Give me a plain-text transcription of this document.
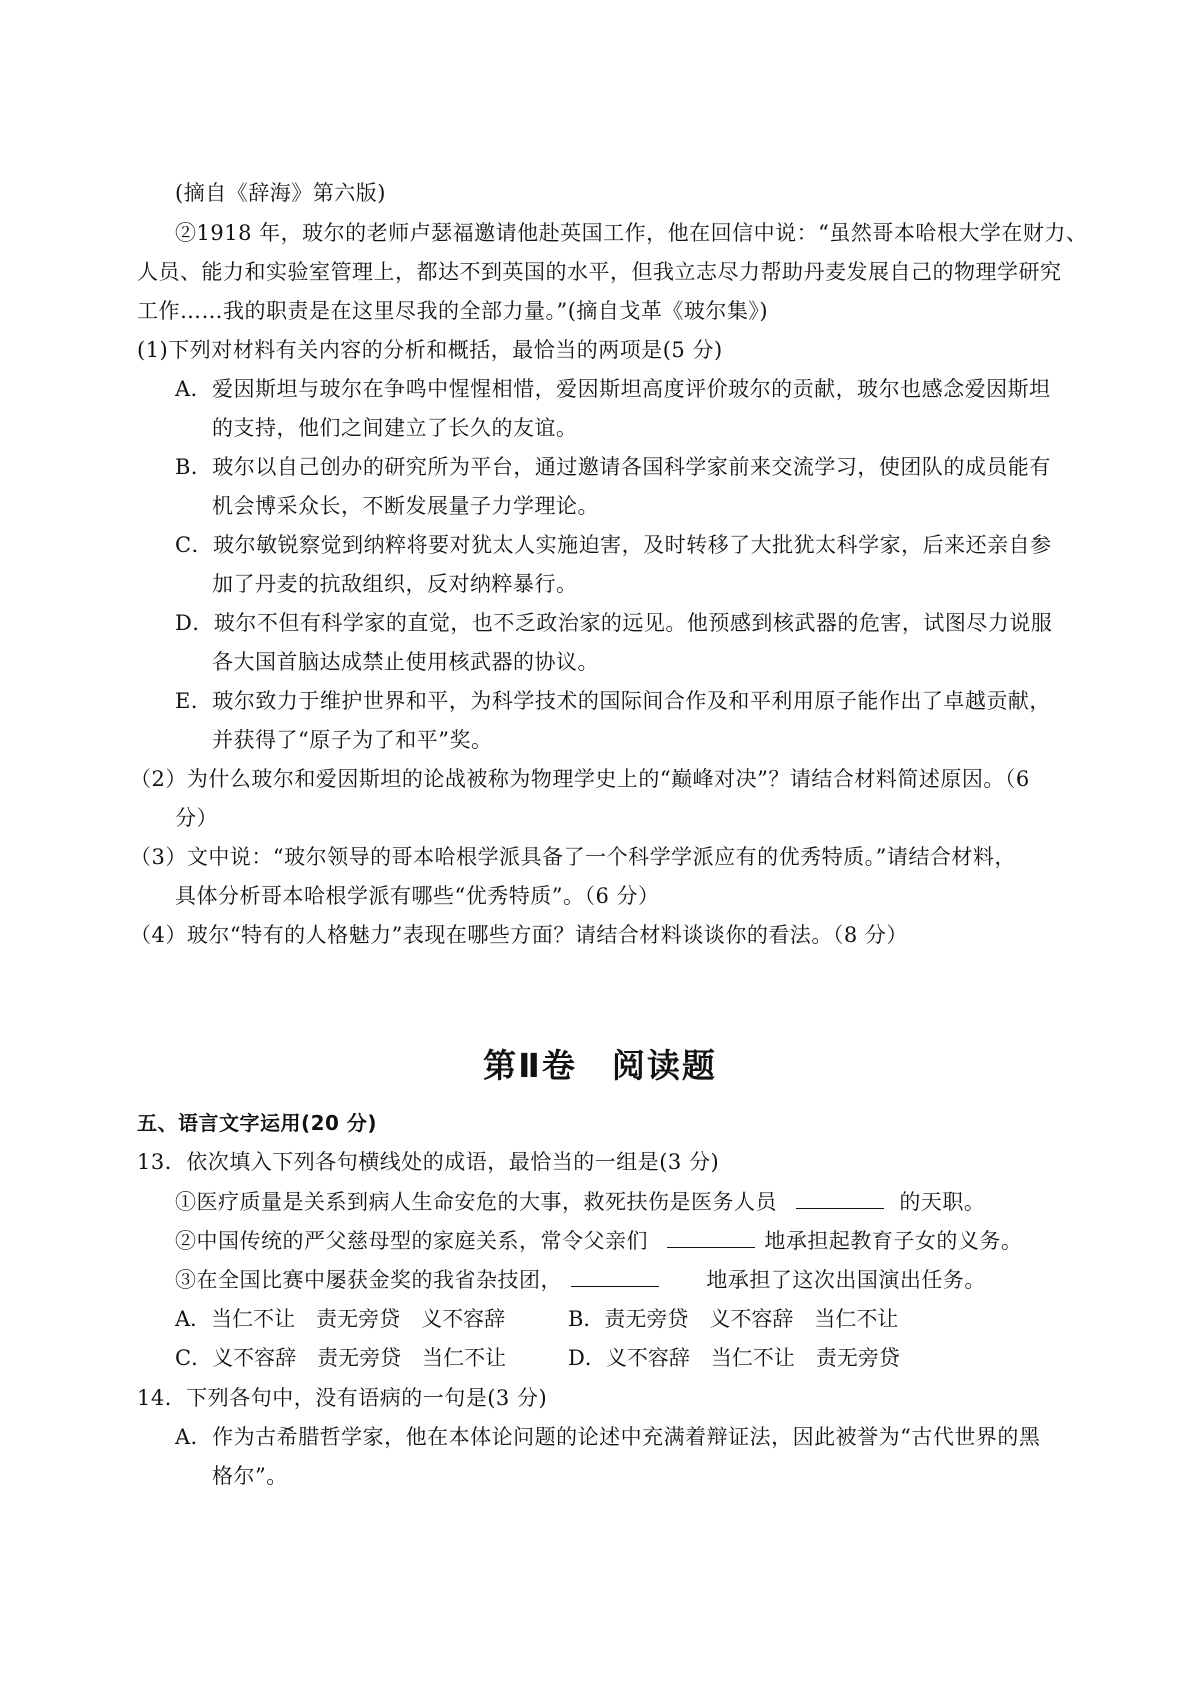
(摘自《辞海》第六版)
②1918 年，玻尔的老师卢瑟福邀请他赴英国工作，他在回信中说：“虽然哥本哈根大学在财力、
人员、能力和实验室管理上，都达不到英国的水平，但我立志尽力帮助丹麦发展自己的物理学研究
工作……我的职责是在这里尽我的全部力量。”(摘自戈革《玻尔集》)
(1)下列对材料有关内容的分析和概括，最恰当的两项是(5 分)
A．爱因斯坦与玻尔在争鸣中惺惺相惜，爱因斯坦高度评价玻尔的贡献，玻尔也感念爱因斯坦
的支持，他们之间建立了长久的友谊。
B．玻尔以自己创办的研究所为平台，通过邀请各国科学家前来交流学习，使团队的成员能有
机会博采众长，不断发展量子力学理论。
C．玻尔敏锐察觉到纳粹将要对犹太人实施迫害，及时转移了大批犹太科学家，后来还亲自参
加了丹麦的抗敌组织，反对纳粹暴行。
D．玻尔不但有科学家的直觉，也不乏政治家的远见。他预感到核武器的危害，试图尽力说服
各大国首脑达成禁止使用核武器的协议。
E．玻尔致力于维护世界和平，为科学技术的国际间合作及和平利用原子能作出了卓越贡献，
并获得了“原子为了和平”奖。
（2）为什么玻尔和爱因斯坦的论战被称为物理学史上的“巅峰对决”？请结合材料简述原因。（6
分）
（3）文中说：“玻尔领导的哥本哈根学派具备了一个科学学派应有的优秀特质。”请结合材料，
具体分析哥本哈根学派有哪些“优秀特质”。（6 分）
（4）玻尔“特有的人格魅力”表现在哪些方面？请结合材料谈谈你的看法。（8 分）
第Ⅱ卷　阅读题
五、语言文字运用(20 分)
13．依次填入下列各句横线处的成语，最恰当的一组是(3 分)
①医疗质量是关系到病人生命安危的大事，救死扶伤是医务人员	的天职。
②中国传统的严父慈母型的家庭关系，常令父亲们	地承担起教育子女的义务。
③在全国比赛中屡获金奖的我省杂技团，	地承担了这次出国演出任务。
A．当仁不让　责无旁贷　义不容辞	B．责无旁贷　义不容辞　当仁不让
C．义不容辞　责无旁贷　当仁不让	D．义不容辞　当仁不让　责无旁贷
14．下列各句中，没有语病的一句是(3 分)
A．作为古希腊哲学家，他在本体论问题的论述中充满着辩证法，因此被誉为“古代世界的黑
格尔”。
